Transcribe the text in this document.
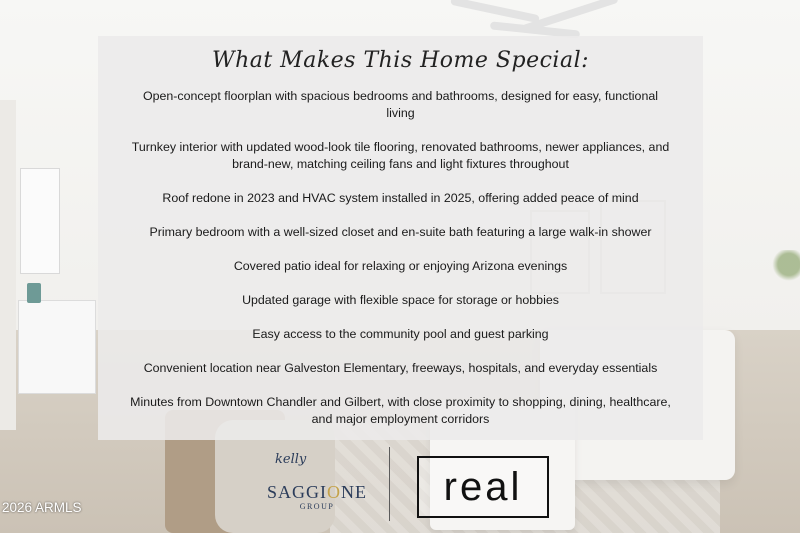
What Makes This Home Special:
Open-concept floorplan with spacious bedrooms and bathrooms, designed for easy, functional living
Turnkey interior with updated wood-look tile flooring, renovated bathrooms, newer appliances, and brand-new, matching ceiling fans and light fixtures throughout
Roof redone in 2023 and HVAC system installed in 2025, offering added peace of mind
Primary bedroom with a well-sized closet and en-suite bath featuring a large walk-in shower
Covered patio ideal for relaxing or enjoying Arizona evenings
Updated garage with flexible space for storage or hobbies
Easy access to the community pool and guest parking
Convenient location near Galveston Elementary, freeways, hospitals, and everyday essentials
Minutes from Downtown Chandler and Gilbert, with close proximity to shopping, dining, healthcare, and major employment corridors
2026 ARMLS
kelly
SAGGIONE
GROUP	real
